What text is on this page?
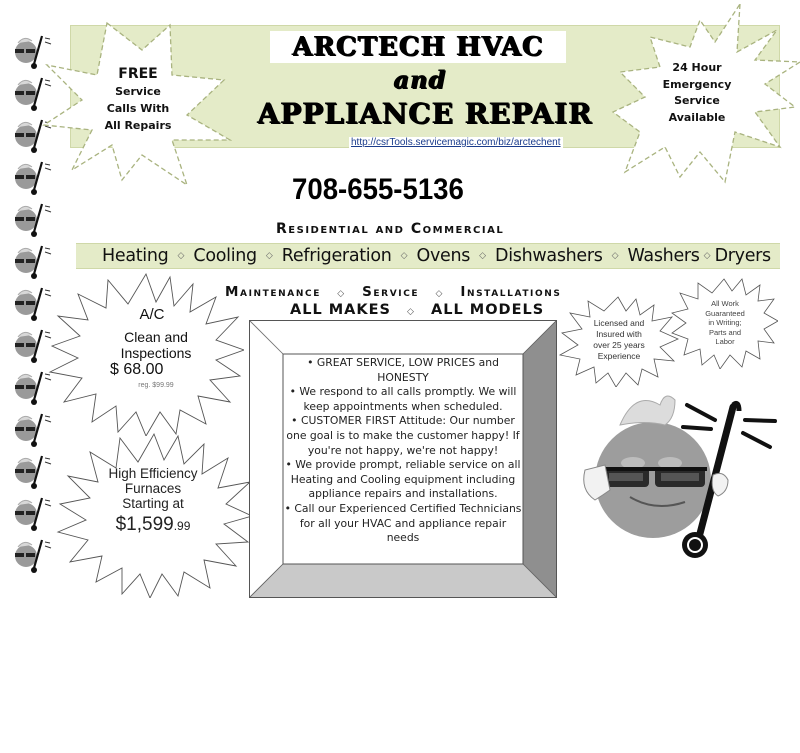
ARCTECH HVAC
and
APPLIANCE REPAIR
http://csrTools.servicemagic.com/biz/arctechent
FREE
Service
Calls With
All Repairs
24 Hour
Emergency
Service
Available
708-655-5136
Residential and Commercial
Heating ◇ Cooling ◇ Refrigeration ◇ Ovens ◇ Dishwashers ◇ Washers ◇ Dryers
Maintenance ◇ Service ◇ Installations
ALL MAKES ◇ ALL MODELS
A/C
Clean and
Inspections
$ 68.00
reg. $99.99
High Efficiency
Furnaces
Starting at
$1,599.99
• GREAT SERVICE, LOW PRICES and HONESTY
• We respond to all calls promptly. We will keep appointments when scheduled.
• CUSTOMER FIRST Attitude: Our number one goal is to make the customer happy! If you're not happy, we're not happy!
• We provide prompt, reliable service on all Heating and Cooling equipment including appliance repairs and installations.
• Call our Experienced Certified Technicians for all your HVAC and appliance repair needs
Licensed and
Insured with
over 25 years
Experience
All Work
Guaranteed
in Writing;
Parts and
Labor
